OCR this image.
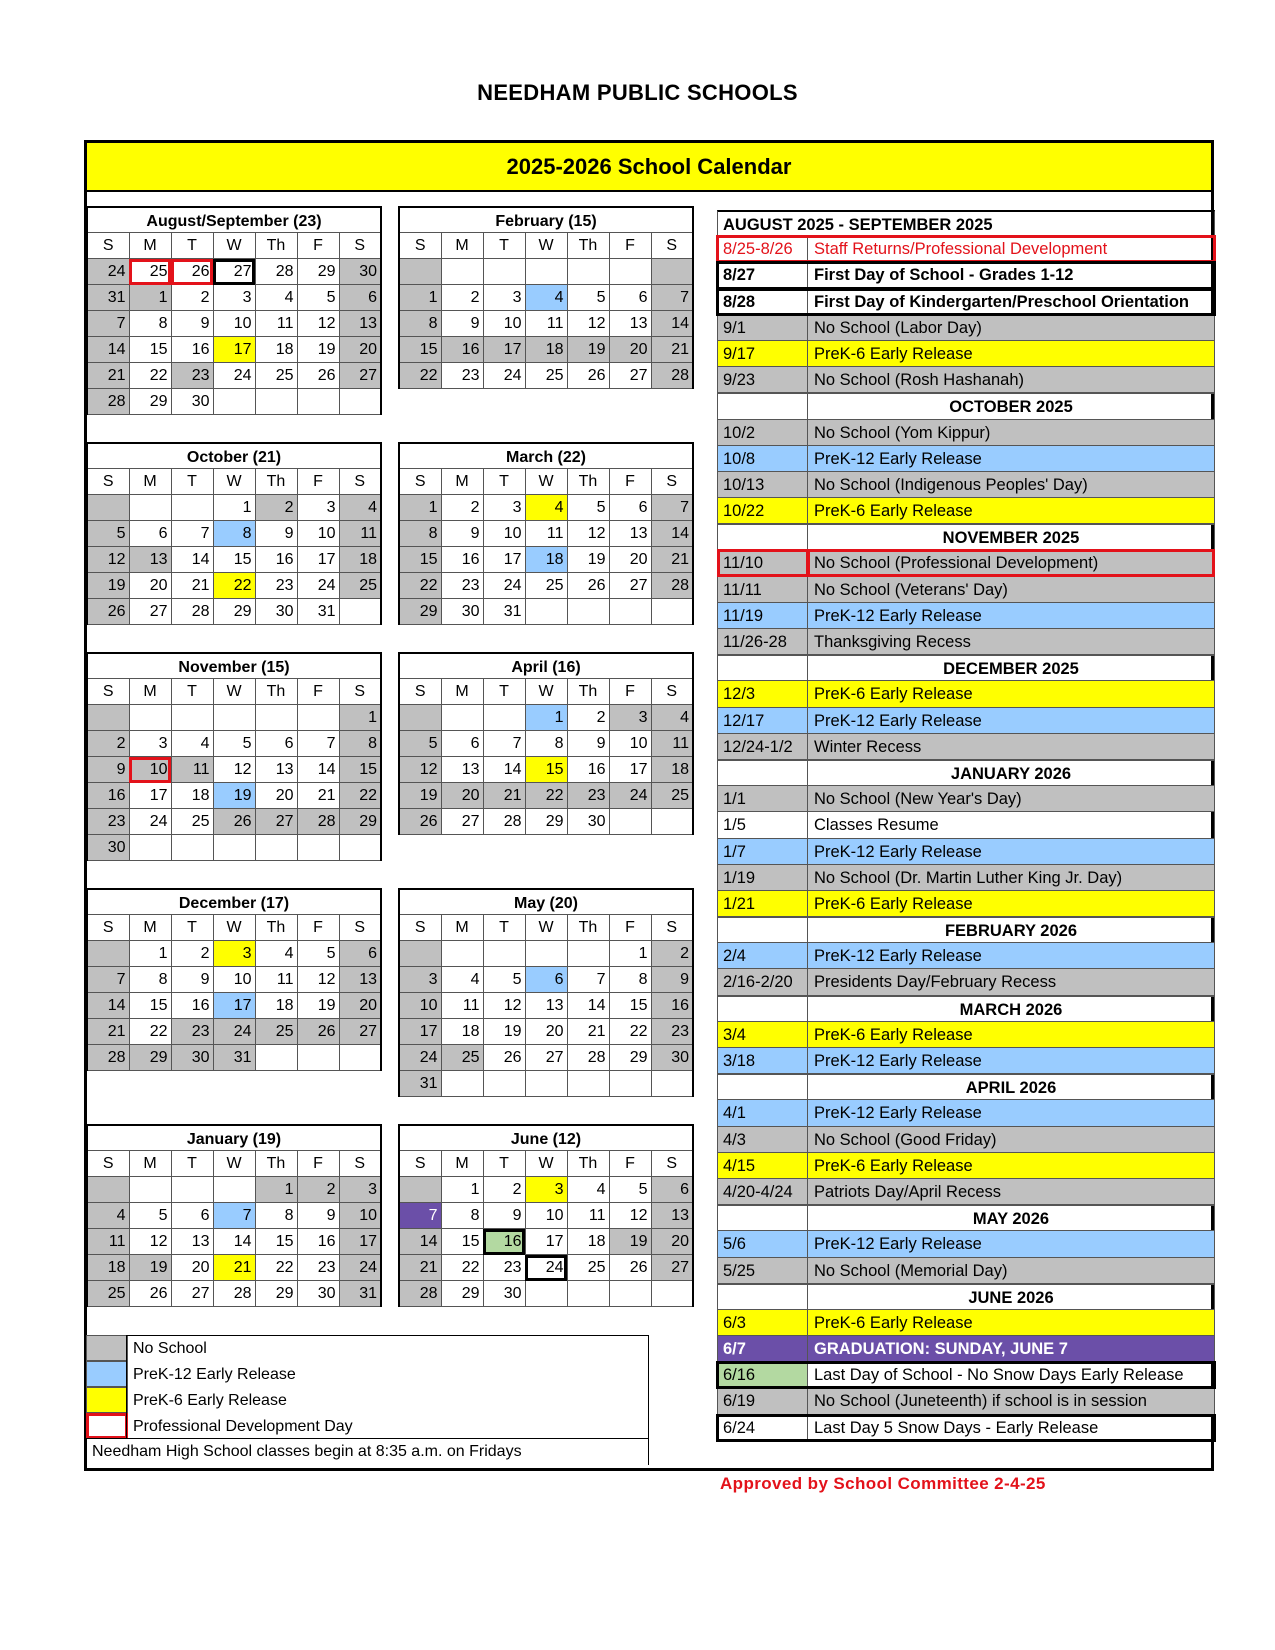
NEEDHAM PUBLIC SCHOOLS
2025-2026 School Calendar
August/September (23)
S	M	T	W	Th	F	S
24	25	26	27	28	29	30
31	1	2	3	4	5	6
7	8	9	10	11	12	13
14	15	16	17	18	19	20
21	22	23	24	25	26	27
28	29	30				
February (15)
S	M	T	W	Th	F	S

1	2	3	4	5	6	7
8	9	10	11	12	13	14
15	16	17	18	19	20	21
22	23	24	25	26	27	28
October (21)
S	M	T	W	Th	F	S
			1	2	3	4
5	6	7	8	9	10	11
12	13	14	15	16	17	18
19	20	21	22	23	24	25
26	27	28	29	30	31	
March (22)
S	M	T	W	Th	F	S
1	2	3	4	5	6	7
8	9	10	11	12	13	14
15	16	17	18	19	20	21
22	23	24	25	26	27	28
29	30	31				
November (15)
S	M	T	W	Th	F	S
						1
2	3	4	5	6	7	8
9	10	11	12	13	14	15
16	17	18	19	20	21	22
23	24	25	26	27	28	29
30						
April (16)
S	M	T	W	Th	F	S
			1	2	3	4
5	6	7	8	9	10	11
12	13	14	15	16	17	18
19	20	21	22	23	24	25
26	27	28	29	30		
December (17)
S	M	T	W	Th	F	S
	1	2	3	4	5	6
7	8	9	10	11	12	13
14	15	16	17	18	19	20
21	22	23	24	25	26	27
28	29	30	31			
May (20)
S	M	T	W	Th	F	S
					1	2
3	4	5	6	7	8	9
10	11	12	13	14	15	16
17	18	19	20	21	22	23
24	25	26	27	28	29	30
31						
January (19)
S	M	T	W	Th	F	S
				1	2	3
4	5	6	7	8	9	10
11	12	13	14	15	16	17
18	19	20	21	22	23	24
25	26	27	28	29	30	31
June (12)
S	M	T	W	Th	F	S
	1	2	3	4	5	6
7	8	9	10	11	12	13
14	15	16	17	18	19	20
21	22	23	24	25	26	27
28	29	30				
AUGUST 2025 - SEPTEMBER 2025
8/25-8/26	Staff Returns/Professional Development
8/27	First Day of School - Grades 1-12
8/28	First Day of Kindergarten/Preschool Orientation
9/1	No School (Labor Day)
9/17	PreK-6 Early Release
9/23	No School (Rosh Hashanah)
OCTOBER 2025
10/2	No School (Yom Kippur)
10/8	PreK-12 Early Release
10/13	No School (Indigenous Peoples' Day)
10/22	PreK-6 Early Release
NOVEMBER 2025
11/10	No School (Professional Development)
11/11	No School (Veterans' Day)
11/19	PreK-12 Early Release
11/26-28	Thanksgiving Recess
DECEMBER 2025
12/3	PreK-6 Early Release
12/17	PreK-12 Early Release
12/24-1/2	Winter Recess
JANUARY 2026
1/1	No School (New Year's Day)
1/5	Classes Resume
1/7	PreK-12 Early Release
1/19	No School (Dr. Martin Luther King Jr. Day)
1/21	PreK-6 Early Release
FEBRUARY 2026
2/4	PreK-12 Early Release
2/16-2/20	Presidents Day/February Recess
MARCH 2026
3/4	PreK-6 Early Release
3/18	PreK-12 Early Release
APRIL 2026
4/1	PreK-12 Early Release
4/3	No School (Good Friday)
4/15	PreK-6 Early Release
4/20-4/24	Patriots Day/April Recess
MAY 2026
5/6	PreK-12 Early Release
5/25	No School (Memorial Day)
JUNE 2026
6/3	PreK-6 Early Release
6/7	GRADUATION: SUNDAY, JUNE 7
6/16	Last Day of School - No Snow Days Early Release
6/19	No School (Juneteenth) if school is in session
6/24	Last Day 5 Snow Days - Early Release
No School
PreK-12 Early Release
PreK-6 Early Release
Professional Development Day
Needham High School classes begin at 8:35 a.m. on Fridays
Approved by School Committee 2-4-25
